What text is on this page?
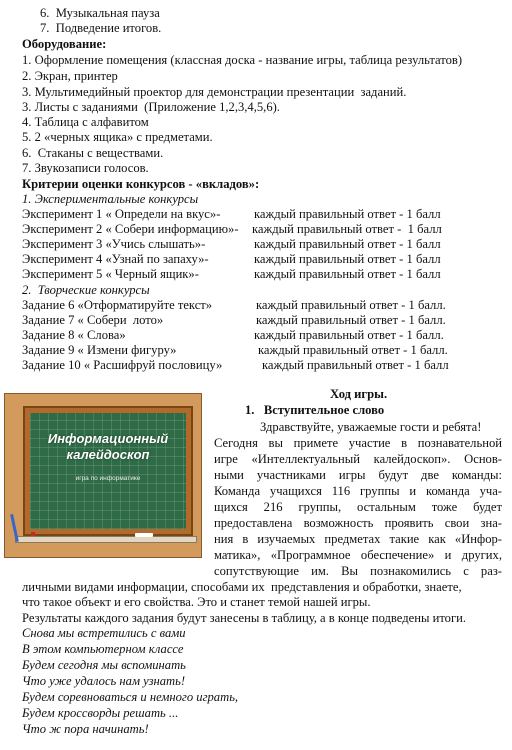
6.  Музыкальная пауза
7.  Подведение итогов.
Оборудование:
1. Оформление помещения (классная доска - название игры, таблица результатов)
2. Экран, принтер
3. Мультимедийный проектор для демонстрации презентации  заданий.
3. Листы с заданиями  (Приложение 1,2,3,4,5,6).
4. Таблица с алфавитом
5. 2 «черных ящика» с предметами.
6.  Стаканы с веществами.
7. Звукозаписи голосов.
Критерии оценки конкурсов - «вкладов»:
1. Экспериментальные конкурсы
Эксперимент 1 « Определи на вкус»-	каждый правильный ответ - 1 балл
Эксперимент 2 « Собери информацию»- каждый правильный ответ -  1 балл
Эксперимент 3 «Учись слышать»-	каждый правильный ответ - 1 балл
Эксперимент 4 «Узнай по запаху»-	каждый правильный ответ - 1 балл
Эксперимент 5 « Черный ящик»-	каждый правильный ответ - 1 балл
2.  Творческие конкурсы
Задание 6 «Отформатируйте текст»	каждый правильный ответ - 1 балл.
Задание 7 « Собери  лото»	каждый правильный ответ - 1 балл.
Задание 8 « Слова»	каждый правильный ответ - 1 балл.
Задание 9 « Измени фигуру»	каждый правильный ответ - 1 балл.
Задание 10 « Расшифруй пословицу»	каждый правильный ответ - 1 балл
Ход игры.
1.   Вступительное слово
Информационный
калейдоскоп
игра по информатике
Здравствуйте, уважаемые гости и ребята!
Сегодня вы примете участие в познавательной
игре «Интеллектуальный калейдоскоп». Основ-
ными участниками игры будут две команды:
Команда учащихся 116 группы и команда уча-
щихся 216 группы, остальным тоже будет
предоставлена возможность проявить свои зна-
ния в изучаемых предметах такие как «Инфор-
матика», «Программное обеспечение» и других,
сопутствующие им. Вы познакомились с раз-
личными видами информации, способами их  представления и обработки, знаете,
что такое объект и его свойства. Это и станет темой нашей игры.
Результаты каждого задания будут занесены в таблицу, а в конце подведены итоги.
Снова мы встретились с вами
В этом компьютерном классе
Будем сегодня мы вспоминать
Что уже удалось нам узнать!
Будем соревноваться и немного играть,
Будем кроссворды решать ...
Что ж пора начинать!
